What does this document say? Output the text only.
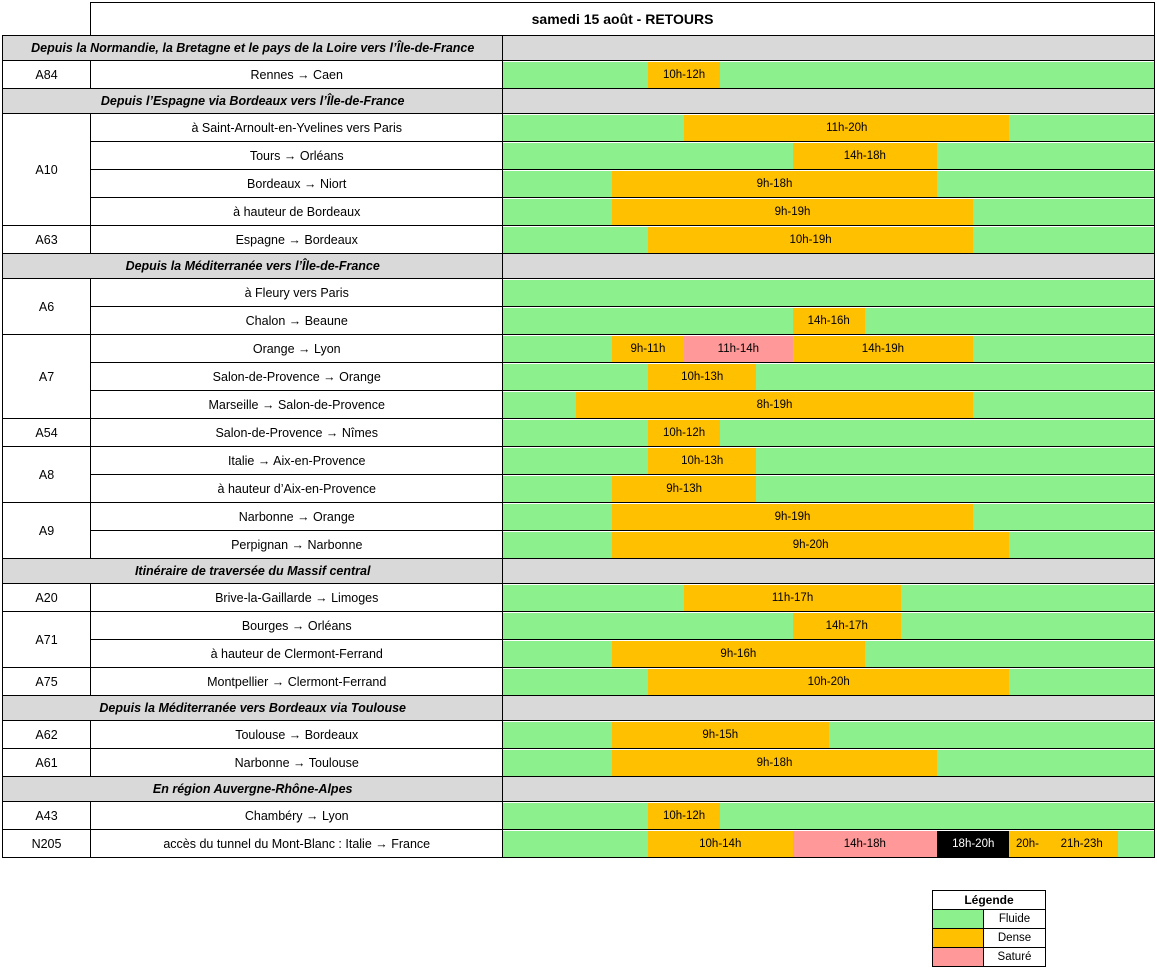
	samedi 15 août - RETOURS	
Depuis la Normandie, la Bretagne et le pays de la Loire vers l’Île-de-France		
A84	Rennes → Caen	10h-12h

Depuis l’Espagne via Bordeaux vers l’Île-de-France		
A10	à Saint-Arnoult-en-Yvelines vers Paris	11h-20h

	Tours → Orléans	14h-18h

	Bordeaux → Niort	9h-18h

	à hauteur de Bordeaux	9h-19h

A63	Espagne → Bordeaux	10h-19h

Depuis la Méditerranée vers l’Île-de-France		
A6	à Fleury vers Paris	

	Chalon → Beaune	14h-16h

A7	Orange → Lyon	9h-11h 11h-14h 14h-19h

	Salon-de-Provence → Orange	10h-13h

	Marseille → Salon-de-Provence	8h-19h

A54	Salon-de-Provence → Nîmes	10h-12h

A8	Italie → Aix-en-Provence	10h-13h

	à hauteur d’Aix-en-Provence	9h-13h

A9	Narbonne → Orange	9h-19h

	Perpignan → Narbonne	9h-20h

Itinéraire de traversée du Massif central		
A20	Brive-la-Gaillarde → Limoges	11h-17h

A71	Bourges → Orléans	14h-17h

	à hauteur de Clermont-Ferrand	9h-16h

A75	Montpellier → Clermont-Ferrand	10h-20h

Depuis la Méditerranée vers Bordeaux via Toulouse		
A62	Toulouse → Bordeaux	9h-15h

A61	Narbonne → Toulouse	9h-18h

En région Auvergne-Rhône-Alpes		
A43	Chambéry → Lyon	10h-12h

N205	accès du tunnel du Mont-Blanc : Italie → France	10h-14h 14h-18h 18h-20h 20h- 21h-23h
Légende
Fluide
Dense
Saturé
